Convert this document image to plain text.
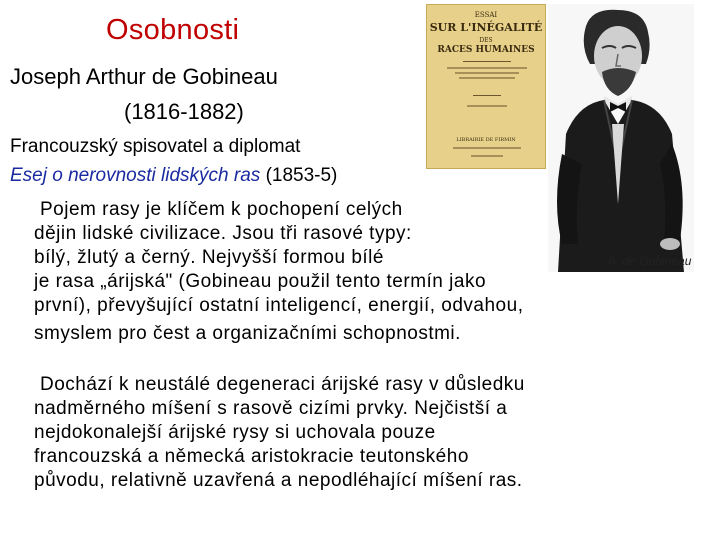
Osobnosti
Joseph Arthur de Gobineau
(1816-1882)
Francouzský spisovatel a diplomat
Esej o nerovnosti lidských ras (1853-5)
Pojem rasy je klíčem k pochopení celých
dějin lidské civilizace. Jsou tři rasové typy:
bílý, žlutý a černý. Nejvyšší formou bílé
je rasa „árijská" (Gobineau použil tento termín jako
první), převyšující ostatní inteligencí, energií, odvahou,
smyslem pro čest a organizačními schopnostmi.
Dochází k neustálé degeneraci árijské rasy v důsledku
nadměrného míšení s rasově cizími prvky. Nejčistší a
nejdokonalejší árijské rysy si uchovala pouze
francouzská a německá aristokracie teutonského
původu, relativně uzavřená a nepodléhající míšení ras.
ESSAI
SUR L'INÉGALITÉ
DES
RACES HUMAINES
LIBRAIRIE DE FIRMIN
A. de Gobineau
